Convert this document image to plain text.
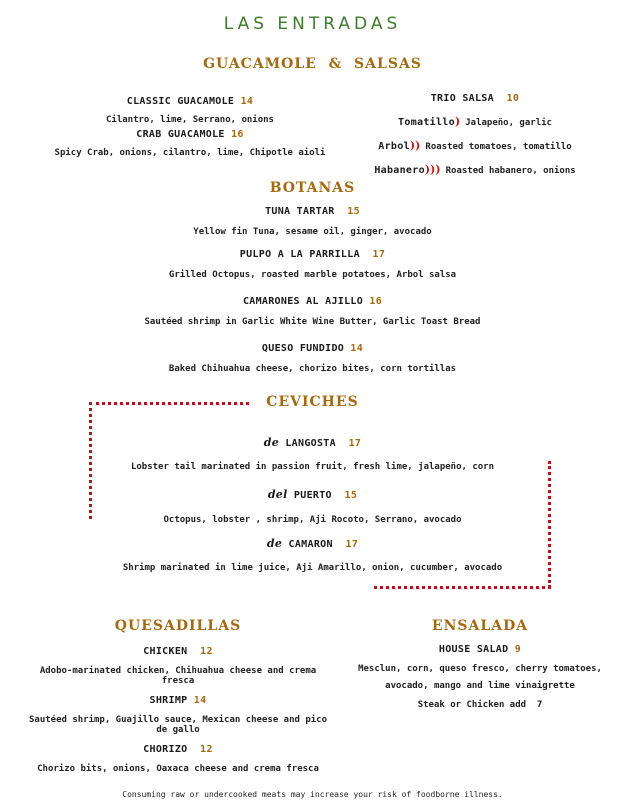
LAS ENTRADAS
GUACAMOLE  &  SALSAS
CLASSIC GUACAMOLE 14
Cilantro, lime, Serrano, onions
CRAB GUACAMOLE 16
Spicy Crab, onions, cilantro, lime, Chipotle aioli
TRIO SALSA 10
Tomatillo) Jalapeño, garlic
Arbol)) Roasted tomatoes, tomatillo
Habanero))) Roasted habanero, onions
BOTANAS
TUNA TARTAR 15
Yellow fin Tuna, sesame oil, ginger, avocado
PULPO A LA PARRILLA 17
Grilled Octopus, roasted marble potatoes, Arbol salsa
CAMARONES AL AJILLO 16
Sautéed shrimp in Garlic White Wine Butter, Garlic Toast Bread
QUESO FUNDIDO 14
Baked Chihuahua cheese, chorizo bites, corn tortillas
CEVICHES
de LANGOSTA 17
Lobster tail marinated in passion fruit, fresh lime, jalapeño, corn
del PUERTO 15
Octopus, lobster , shrimp, Aji Rocoto, Serrano, avocado
de CAMARON 17
Shrimp marinated in lime juice, Aji Amarillo, onion, cucumber, avocado
QUESADILLAS
CHICKEN 12
Adobo-marinated chicken, Chihuahua cheese and crema fresca
SHRIMP 14
Sautéed shrimp, Guajillo sauce, Mexican cheese and pico de gallo
CHORIZO 12
Chorizo bits, onions, Oaxaca cheese and crema fresca
ENSALADA
HOUSE SALAD 9
Mesclun, corn, queso fresco, cherry tomatoes,
avocado, mango and lime vinaigrette
Steak or Chicken add  7
Consuming raw or undercooked meats may increase your risk of foodborne illness.
